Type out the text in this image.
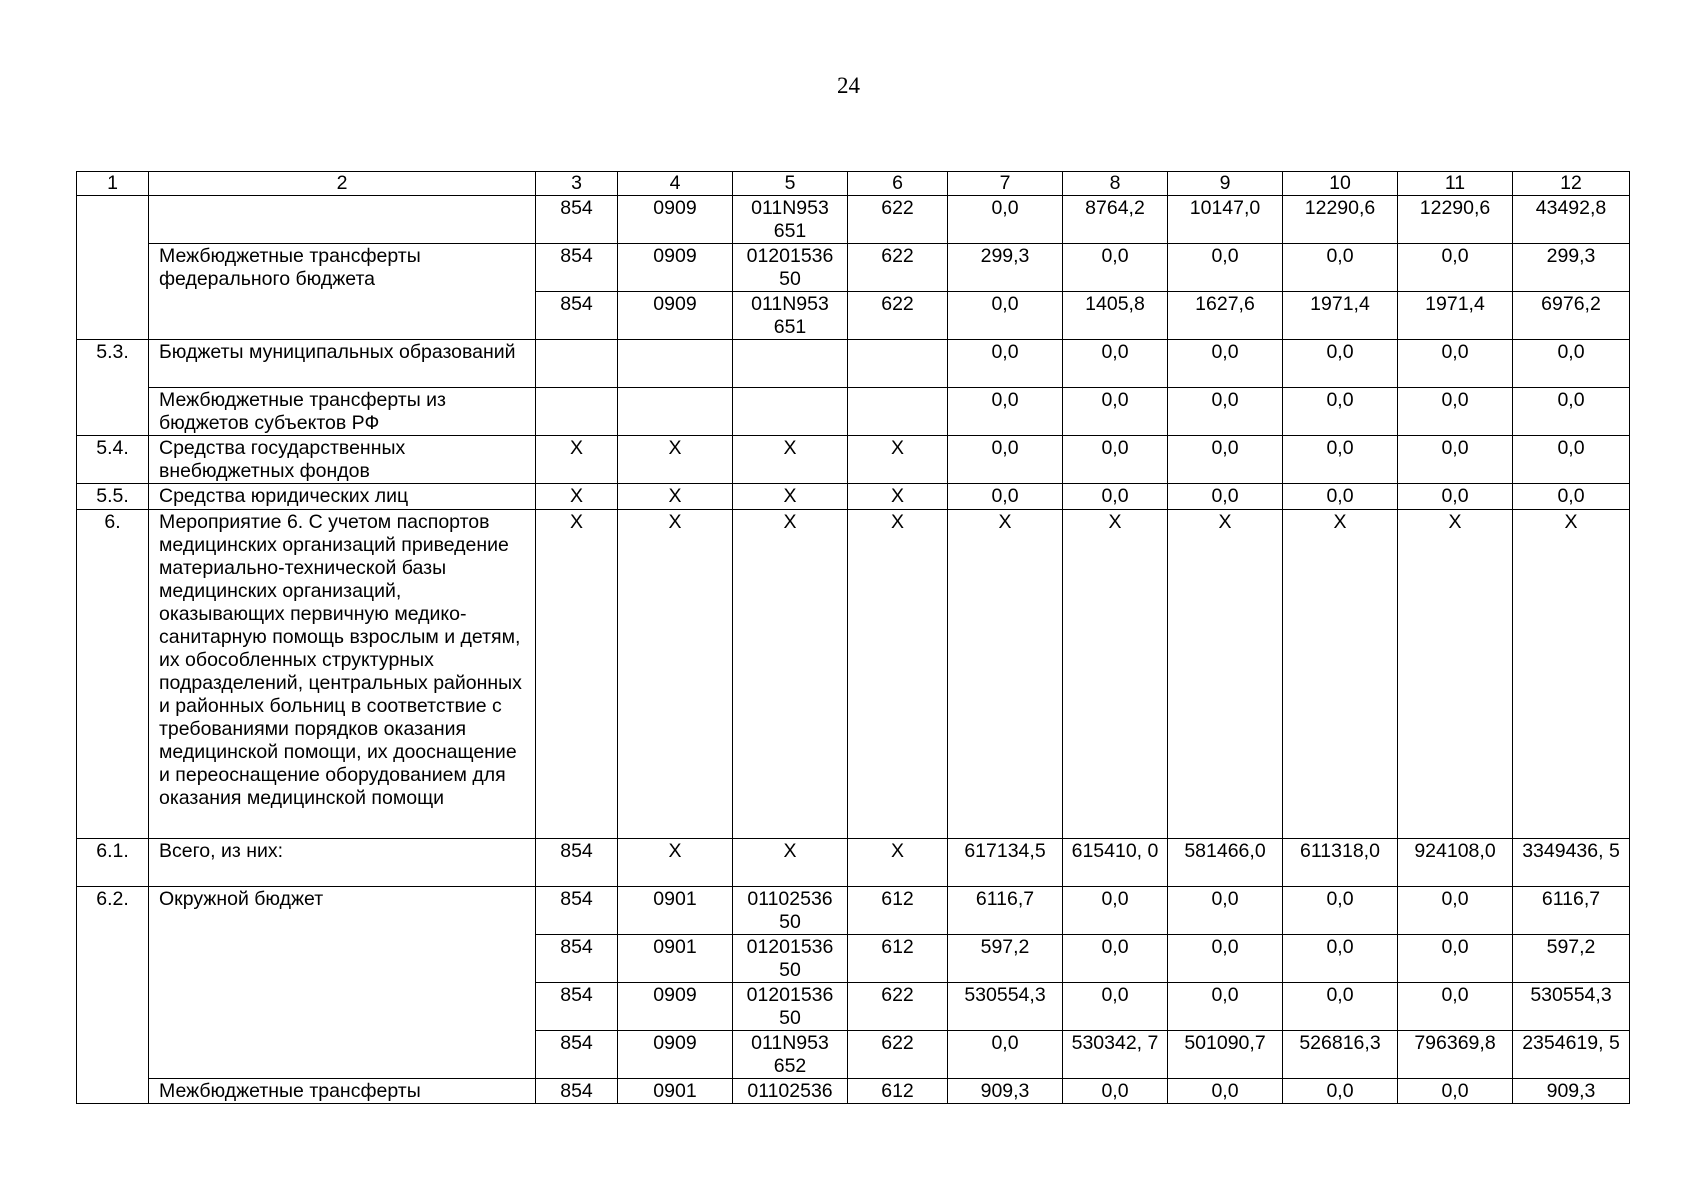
24
1	2	3	4	5	6	7	8	9	10	11	12
		854	0909	011N953 651	622	0,0	8764,2	10147,0	12290,6	12290,6	43492,8
	Межбюджетные трансферты федерального бюджета	854	0909	01201536 50	622	299,3	0,0	0,0	0,0	0,0	299,3
		854	0909	011N953 651	622	0,0	1405,8	1627,6	1971,4	1971,4	6976,2
5.3.	Бюджеты муниципальных образований					0,0	0,0	0,0	0,0	0,0	0,0
	Межбюджетные трансферты из бюджетов субъектов РФ					0,0	0,0	0,0	0,0	0,0	0,0
5.4.	Средства государственных внебюджетных фондов	X	X	X	X	0,0	0,0	0,0	0,0	0,0	0,0
5.5.	Средства юридических лиц	X	X	X	X	0,0	0,0	0,0	0,0	0,0	0,0
6.	Мероприятие 6. С учетом паспортов медицинских организаций приведение материально-технической базы медицинских организаций, оказывающих первичную медико-санитарную помощь взрослым и детям, их обособленных структурных подразделений, центральных районных и районных больниц в соответствие с требованиями порядков оказания медицинской помощи, их дооснащение и переоснащение оборудованием для оказания медицинской помощи	X	X	X	X	X	X	X	X	X	X
6.1.	Всего, из них:	854	X	X	X	617134,5	615410, 0	581466,0	611318,0	924108,0	3349436, 5
6.2.	Окружной бюджет	854	0901	01102536 50	612	6116,7	0,0	0,0	0,0	0,0	6116,7
		854	0901	01201536 50	612	597,2	0,0	0,0	0,0	0,0	597,2
		854	0909	01201536 50	622	530554,3	0,0	0,0	0,0	0,0	530554,3
		854	0909	011N953 652	622	0,0	530342, 7	501090,7	526816,3	796369,8	2354619, 5
	Межбюджетные трансферты	854	0901	01102536	612	909,3	0,0	0,0	0,0	0,0	909,3
